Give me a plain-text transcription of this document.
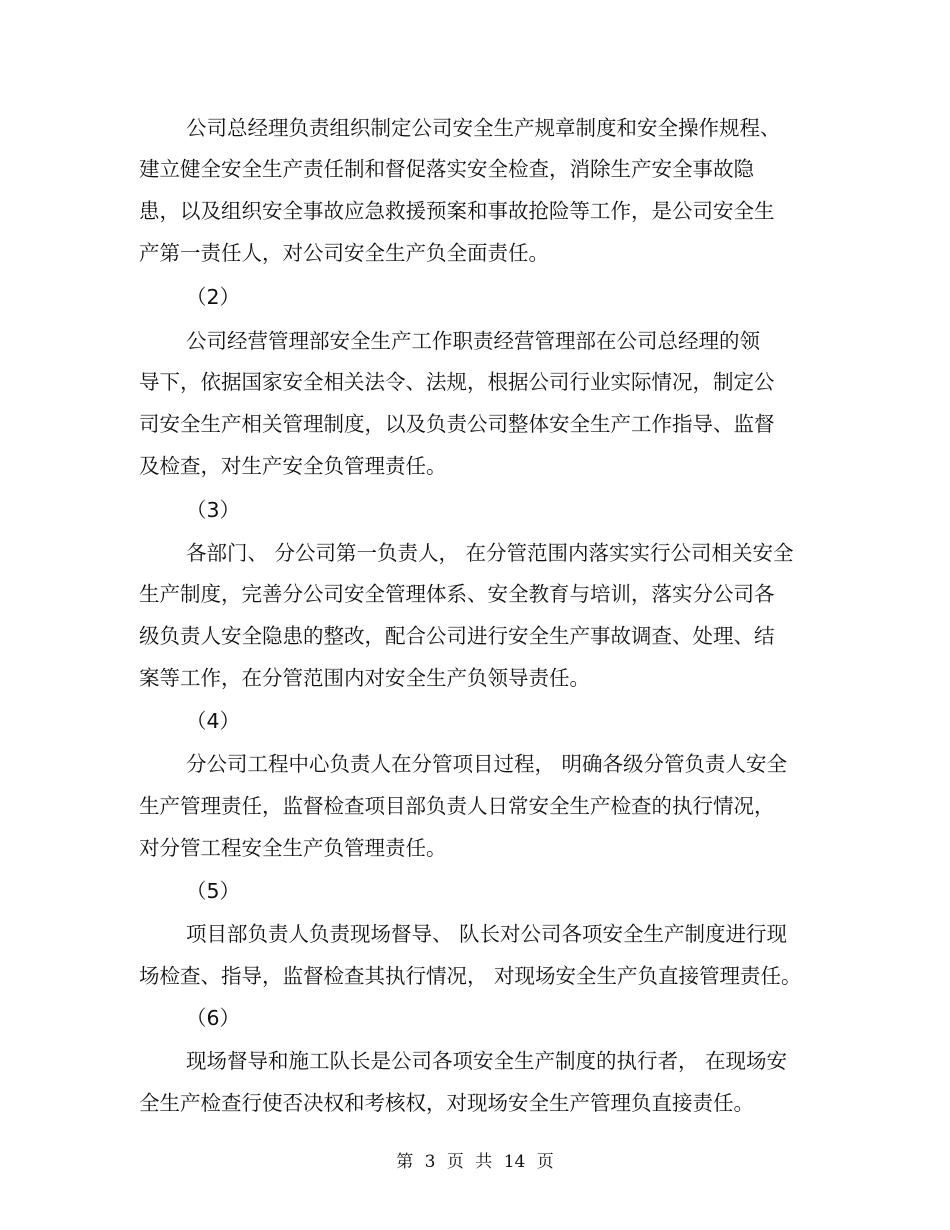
公司总经理负责组织制定公司安全生产规章制度和安全操作规程、
建立健全安全生产责任制和督促落实安全检查，消除生产安全事故隐
患，以及组织安全事故应急救援预案和事故抢险等工作，是公司安全生
产第一责任人，对公司安全生产负全面责任。
（2）
公司经营管理部安全生产工作职责经营管理部在公司总经理的领
导下，依据国家安全相关法令、法规，根据公司行业实际情况，制定公
司安全生产相关管理制度，以及负责公司整体安全生产工作指导、监督
及检查，对生产安全负管理责任。
（3）
各部门、 分公司第一负责人， 在分管范围内落实实行公司相关安全
生产制度，完善分公司安全管理体系、安全教育与培训，落实分公司各
级负责人安全隐患的整改，配合公司进行安全生产事故调查、处理、结
案等工作，在分管范围内对安全生产负领导责任。
（4）
分公司工程中心负责人在分管项目过程， 明确各级分管负责人安全
生产管理责任，监督检查项目部负责人日常安全生产检查的执行情况，
对分管工程安全生产负管理责任。
（5）
项目部负责人负责现场督导、 队长对公司各项安全生产制度进行现
场检查、指导，监督检查其执行情况， 对现场安全生产负直接管理责任。
（6）
现场督导和施工队长是公司各项安全生产制度的执行者， 在现场安
全生产检查行使否决权和考核权，对现场安全生产管理负直接责任。
第 3 页 共 14 页
